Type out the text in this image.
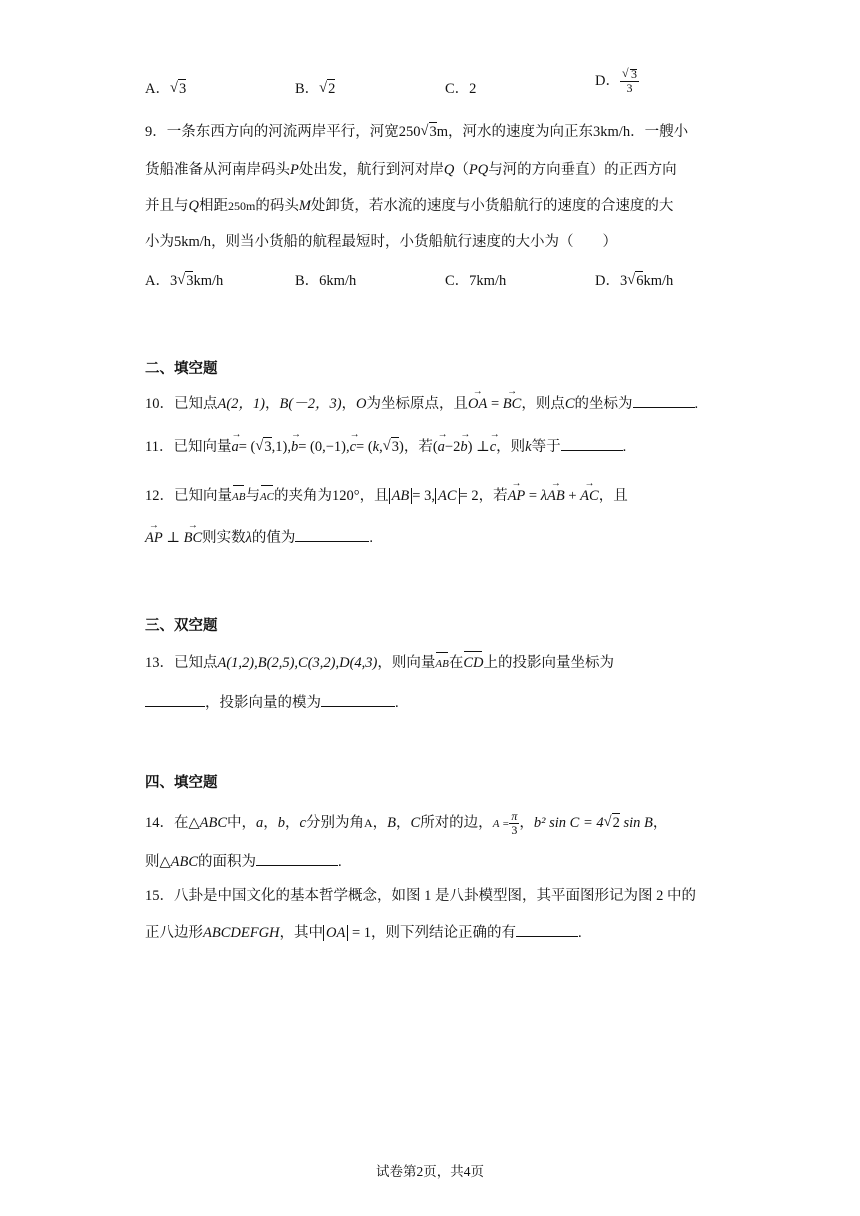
A． √ 3	B． √ 2	C．2
D． √ $\frac{3}{3}$
9．一条东西方向的河流两岸平行，河宽250 √ 3m，河水的速度为向正东3km/h．一艘小
货船准备从河南岸码头P处出发，航行到河对岸Q（PQ与河的方向垂直）的正西方向
并且与Q相距250m的码头M处卸货，若水流的速度与小货船航行的速度的合速度的大
小为5km/h，则当小货船的航程最短时，小货船航行速度的大小为（　　）
A．3 √ 3km/h	B．6km/h	C．7km/h	D．3 √ 6km/h
二、填空题
10．已知点A(2，1)，B(－2，3)，O为坐标原点，且→ OA = → BC，则点C的坐标为	.
11．已知向量→ a= ( √ 3,1),→ b= (0,−1),→ c= (k, √ 3)，若(→ a−2→ b) ⊥→ c，则k等于	.
12．已知向量AB与AC的夹角为120°，且 AB = 3, AC = 2，若→ AP = λ→ AB + → AC，且
→ AP ⊥ → BC则实数λ的值为	.
三、双空题
13．已知点A(1,2),B(2,5),C(3,2),D(4,3)，则向量AB在CD上的投影向量坐标为
，投影向量的模为	.
四、填空题
14．在△ABC中，a，b，c分别为角A，B，C所对的边，$A = \frac{\pi}{3}$ ，b² sin C = 4 √ 2 sin B，
则△ABC的面积为	.
15．八卦是中国文化的基本哲学概念，如图 1 是八卦模型图，其平面图形记为图 2 中的
正八边形ABCDEFGH，其中 OA = 1，则下列结论正确的有	.
试卷第2页，共4页
